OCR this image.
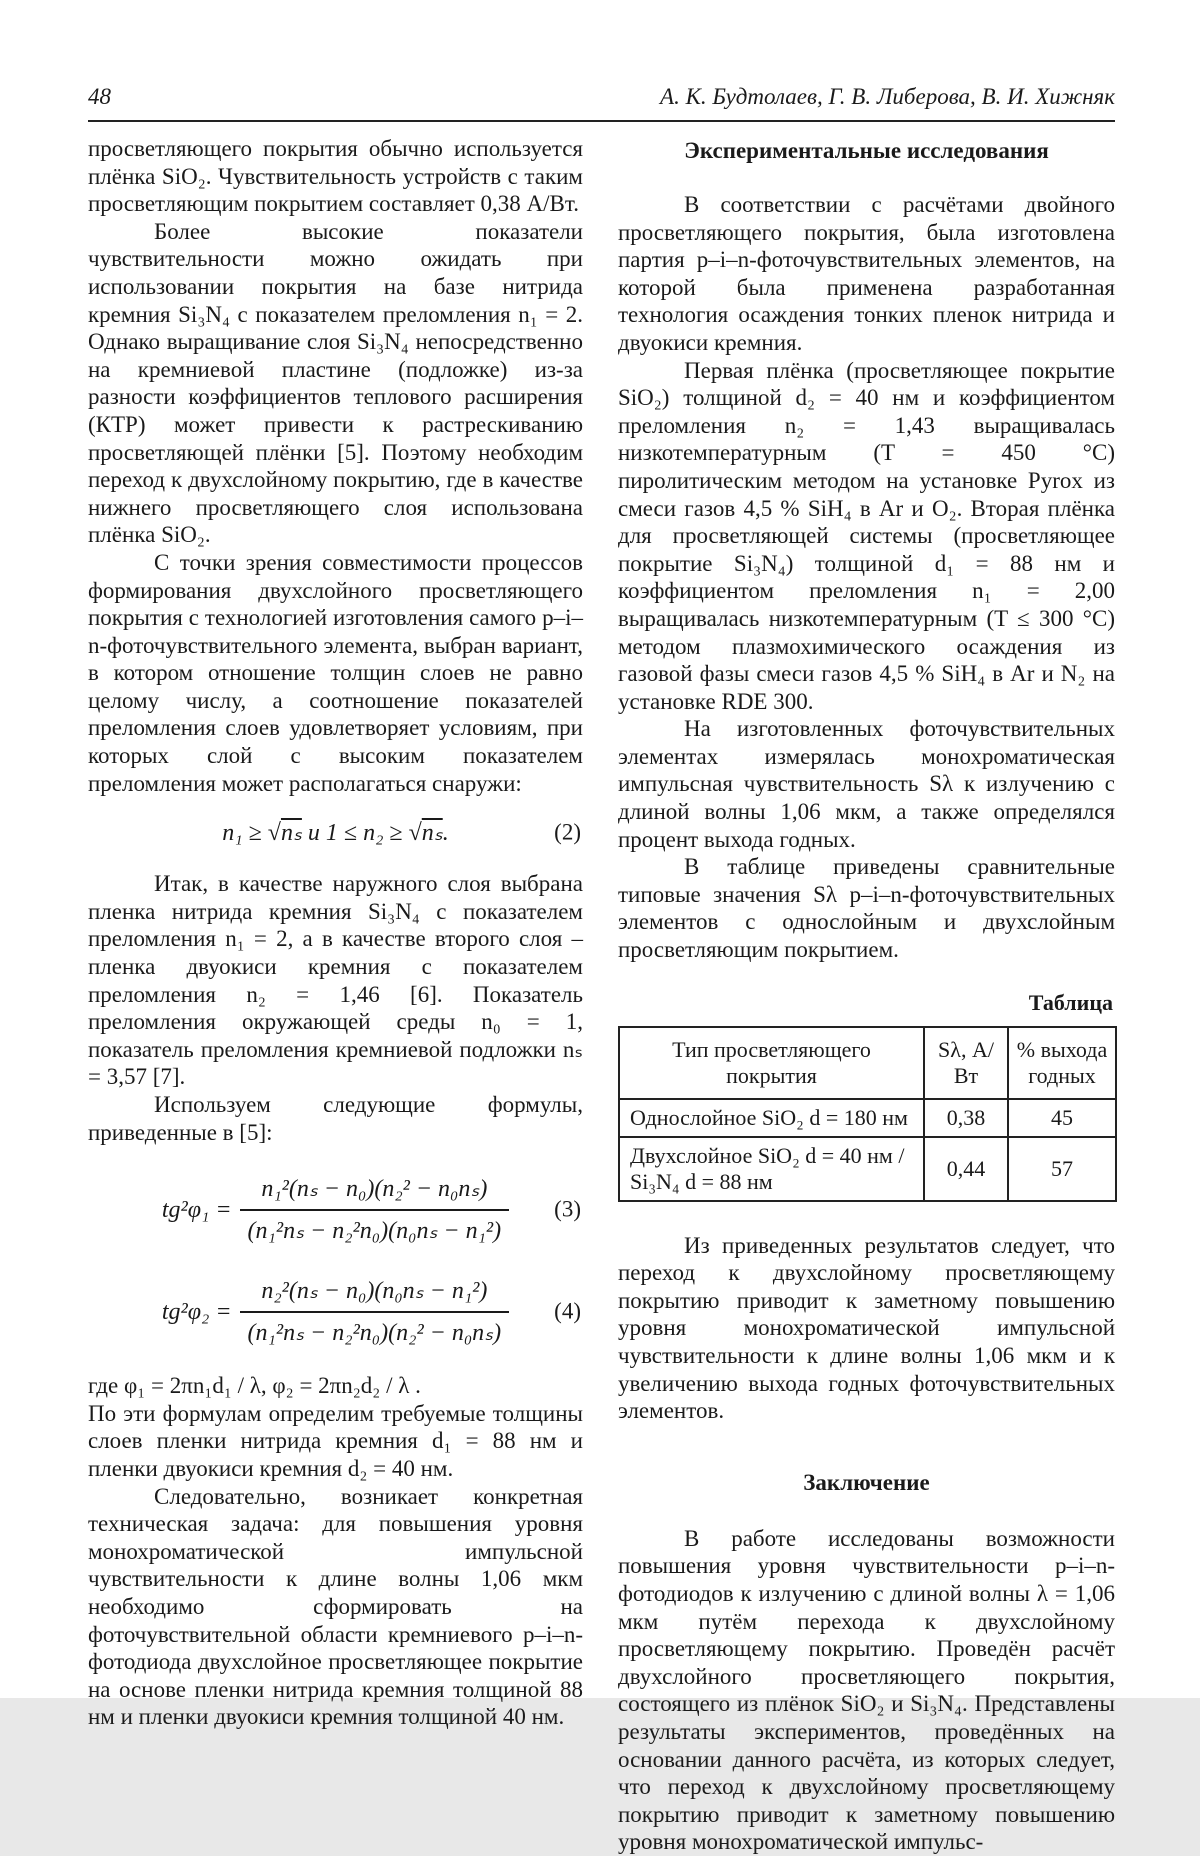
48	А. К. Будтолаев, Г. В. Либерова, В. И. Хижняк

просветляющего покрытия обычно используется плёнка SiO₂. Чувствительность устройств с таким просветляющим покрытием составляет 0,38 А/Вт.

Более высокие показатели чувствительности можно ожидать при использовании покрытия на базе нитрида кремния Si₃N₄ с показателем преломления n₁ = 2. Однако выращивание слоя Si₃N₄ непосредственно на кремниевой пластине (подложке) из-за разности коэффициентов теплового расширения (КТР) может привести к растрескиванию просветляющей плёнки [5]. Поэтому необходим переход к двухслойному покрытию, где в качестве нижнего просветляющего слоя использована плёнка SiO₂.

С точки зрения совместимости процессов формирования двухслойного просветляющего покрытия с технологией изготовления самого p–i–n-фоточувствительного элемента, выбран вариант, в котором отношение толщин слоев не равно целому числу, а соотношение показателей преломления слоев удовлетворяет условиям, при которых слой с высоким показателем преломления может располагаться снаружи:

n₁ ≥ √nₛ и 1 ≤ n₂ ≥ √nₛ.	(2)

Итак, в качестве наружного слоя выбрана пленка нитрида кремния Si₃N₄ с показателем преломления n₁ = 2, а в качестве второго слоя – пленка двуокиси кремния с показателем преломления n₂ = 1,46 [6]. Показатель преломления окружающей среды n₀ = 1, показатель преломления кремниевой подложки nₛ = 3,57 [7].

Используем следующие формулы, приведенные в [5]:

$tg^2\varphi_1 = \frac{\text{n₁²(nₛ − n₀)(n₂² − n₀nₛ)}}{\text{(n₁²nₛ − n₂²n₀)(n₀nₛ − n₁²)}} (3)$
$tg^2\varphi_2 = \frac{\text{n₂²(nₛ − n₀)(n₀nₛ − n₁²)}}{\text{(n₁²nₛ − n₂²n₀)(n₂² − n₀nₛ)}} (4)$

где φ₁ = 2πn₁d₁ / λ, φ₂ = 2πn₂d₂ / λ .

По эти формулам определим требуемые толщины слоев пленки нитрида кремния d₁ = 88 нм и пленки двуокиси кремния d₂ = 40 нм.

Следовательно, возникает конкретная техническая задача: для повышения уровня монохроматической импульсной чувствительности к длине волны 1,06 мкм необходимо сформировать на фоточувствительной области кремниевого p–i–n-фотодиода двухслойное просветляющее покрытие на основе пленки нитрида кремния толщиной 88 нм и пленки двуокиси кремния толщиной 40 нм.

Экспериментальные исследования

В соответствии с расчётами двойного просветляющего покрытия, была изготовлена партия p–i–n-фоточувствительных элементов, на которой была применена разработанная технология осаждения тонких пленок нитрида и двуокиси кремния.

Первая плёнка (просветляющее покрытие SiO₂) толщиной d₂ = 40 нм и коэффициентом преломления n₂ = 1,43 выращивалась низкотемпературным (T = 450 °С) пиролитическим методом на установке Pyrox из смеси газов 4,5 % SiH₄ в Ar и O₂. Вторая плёнка для просветляющей системы (просветляющее покрытие Si₃N₄) толщиной d₁ = 88 нм и коэффициентом преломления n₁ = 2,00 выращивалась низкотемпературным (T ≤ 300 °С) методом плазмохимического осаждения из газовой фазы смеси газов 4,5 % SiH₄ в Ar и N₂ на установке RDE 300.

На изготовленных фоточувствительных элементах измерялась монохроматическая импульсная чувствительность Sλ к излучению с длиной волны 1,06 мкм, а также определялся процент выхода годных.

В таблице приведены сравнительные типовые значения Sλ p–i–n-фоточувствительных элементов с однослойным и двухслойным просветляющим покрытием.

Таблица
Тип просветляющего покрытия	Sλ, А/Вт	% выхода годных
Однослойное SiO₂ d = 180 нм	0,38	45
Двухслойное SiO₂ d = 40 нм / Si₃N₄ d = 88 нм	0,44	57

Из приведенных результатов следует, что переход к двухслойному просветляющему покрытию приводит к заметному повышению уровня монохроматической импульсной чувствительности к длине волны 1,06 мкм и к увеличению выхода годных фоточувствительных элементов.

Заключение

В работе исследованы возможности повышения уровня чувствительности p–i–n-фотодиодов к излучению с длиной волны λ = 1,06 мкм путём перехода к двухслойному просветляющему покрытию. Проведён расчёт двухслойного просветляющего покрытия, состоящего из плёнок SiO₂ и Si₃N₄. Представлены результаты экспериментов, проведённых на основании данного расчёта, из которых следует, что переход к двухслойному просветляющему покрытию приводит к заметному повышению уровня монохроматической импульс-
